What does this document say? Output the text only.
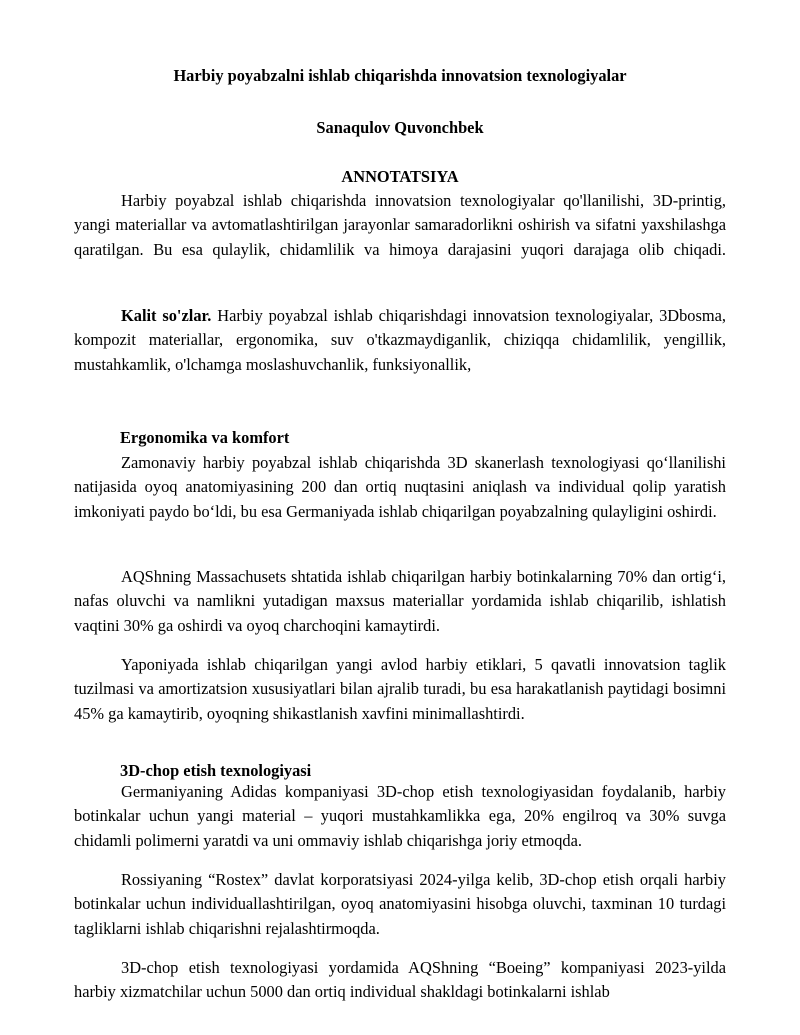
Harbiy poyabzalni ishlab chiqarishda innovatsion texnologiyalar

Sanaqulov Quvonchbek

ANNOTATSIYA

Harbiy poyabzal ishlab chiqarishda innovatsion texnologiyalar qo'llanilishi, 3D-printig, yangi materiallar va avtomatlashtirilgan jarayonlar samaradorlikni oshirish va sifatni yaxshilashga qaratilgan. Bu esa qulaylik, chidamlilik va himoya darajasini yuqori darajaga olib chiqadi.

Kalit so'zlar. Harbiy poyabzal ishlab chiqarishdagi innovatsion texnologiyalar, 3Dbosma, kompozit materiallar, ergonomika, suv o'tkazmaydiganlik, chiziqqa chidamlilik, yengillik, mustahkamlik, o'lchamga moslashuvchanlik, funksiyonallik,

Ergonomika va komfort

Zamonaviy harbiy poyabzal ishlab chiqarishda 3D skanerlash texnologiyasi qo‘llanilishi natijasida oyoq anatomiyasining 200 dan ortiq nuqtasini aniqlash va individual qolip yaratish imkoniyati paydo bo‘ldi, bu esa Germaniyada ishlab chiqarilgan poyabzalning qulayligini oshirdi.

AQShning Massachusets shtatida ishlab chiqarilgan harbiy botinkalarning 70% dan ortig‘i, nafas oluvchi va namlikni yutadigan maxsus materiallar yordamida ishlab chiqarilib, ishlatish vaqtini 30% ga oshirdi va oyoq charchoqini kamaytirdi.

Yaponiyada ishlab chiqarilgan yangi avlod harbiy etiklari, 5 qavatli innovatsion taglik tuzilmasi va amortizatsion xususiyatlari bilan ajralib turadi, bu esa harakatlanish paytidagi bosimni 45% ga kamaytirib, oyoqning shikastlanish xavfini minimallashtirdi.

3D-chop etish texnologiyasi

Germaniyaning Adidas kompaniyasi 3D-chop etish texnologiyasidan foydalanib, harbiy botinkalar uchun yangi material – yuqori mustahkamlikka ega, 20% engilroq va 30% suvga chidamli polimerni yaratdi va uni ommaviy ishlab chiqarishga joriy etmoqda.

Rossiyaning “Rostex” davlat korporatsiyasi 2024-yilga kelib, 3D-chop etish orqali harbiy botinkalar uchun individuallashtirilgan, oyoq anatomiyasini hisobga oluvchi, taxminan 10 turdagi tagliklarni ishlab chiqarishni rejalashtirmoqda.

3D-chop etish texnologiyasi yordamida AQShning “Boeing” kompaniyasi 2023-yilda harbiy xizmatchilar uchun 5000 dan ortiq individual shakldagi botinkalarni ishlab
